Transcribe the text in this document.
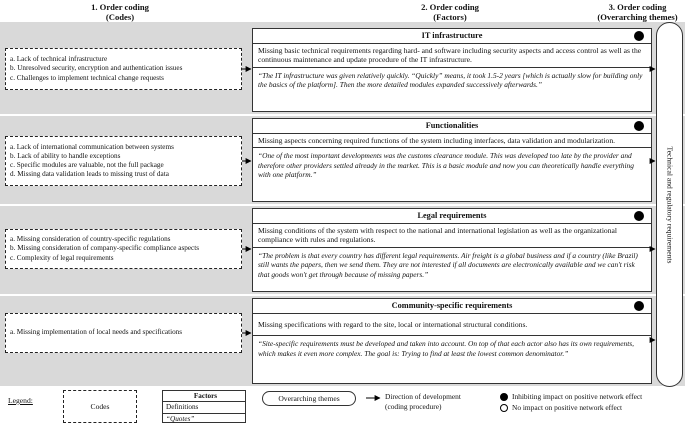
1. Order coding
(Codes)
2. Order coding
(Factors)
3. Order coding
(Overarching themes)
a. Lack of technical infrastructure
b. Unresolved security, encryption and authentication issues
c. Challenges to implement technical change requests
IT infrastructure
Missing basic technical requirements regarding hard- and software including security aspects and access control as well as the continuous maintenance and update procedure of the IT infrastructure.
“The IT infrastructure was given relatively quickly. “Quickly” means, it took 1.5-2 years [which is actually slow for building only the basics of the platform]. Then the more detailed modules expanded successively afterwards.”
a. Lack of international communication between systems
b. Lack of ability to handle exceptions
c. Specific modules are valuable, not the full package
d. Missing data validation leads to missing trust of data
Functionalities
Missing aspects concerning required functions of the system including interfaces, data validation and modularization.
“One of the most important developments was the customs clearance module. This was developed too late by the provider and therefore other providers settled already in the market. This is a basic module and now you can theoretically handle everything with one platform.”
a. Missing consideration of country-specific regulations
b. Missing consideration of company-specific compliance aspects
c. Complexity of legal requirements
Legal requirements
Missing conditions of the system with respect to the national and international legislation as well as the organizational compliance with rules and regulations.
“The problem is that every country has different legal requirements. Air freight is a global business and if a country (like Brazil) still wants the papers, then we send them. They are not interested if all documents are electronically available and we can't risk that goods won't get through because of missing papers.”
a. Missing implementation of local needs and specifications
Community-specific requirements
Missing specifications with regard to the site, local or international structural conditions.
“Site-specific requirements must be developed and taken into account. On top of that each actor also has its own requirements, which makes it even more complex. The goal is: Trying to find at least the lowest common denominator.”
Technical and regulatory requirements
Legend:
Codes
Factors
Definitions
“Quotes”
Overarching themes	Direction of development
(coding procedure)
Inhibiting impact on positive network effect
No impact on positive network effect
